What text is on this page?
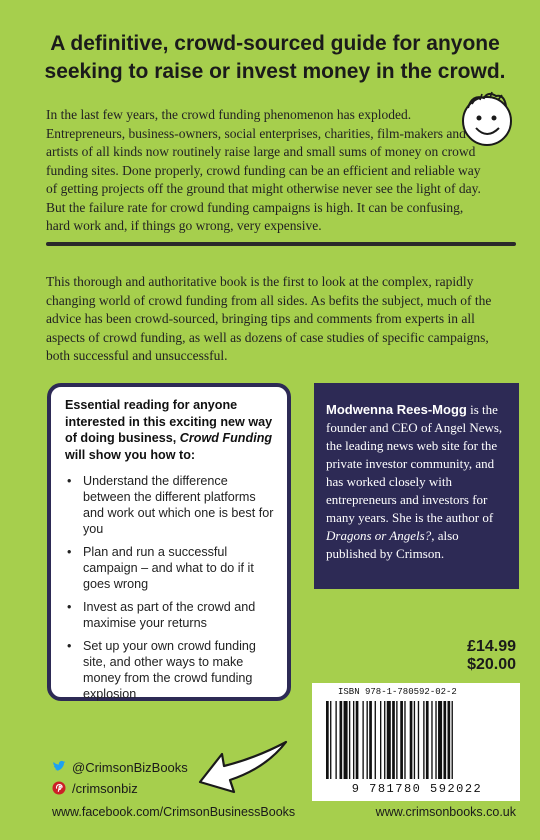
A definitive, crowd-sourced guide for anyone seeking to raise or invest money in the crowd.
In the last few years, the crowd funding phenomenon has exploded. Entrepreneurs, business-owners, social enterprises, charities, film-makers and artists of all kinds now routinely raise large and small sums of money on crowd funding sites. Done properly, crowd funding can be an efficient and reliable way of getting projects off the ground that might otherwise never see the light of day. But the failure rate for crowd funding campaigns is high. It can be confusing, hard work and, if things go wrong, very expensive.
This thorough and authoritative book is the first to look at the complex, rapidly changing world of crowd funding from all sides. As befits the subject, much of the advice has been crowd-sourced, bringing tips and comments from experts in all aspects of crowd funding, as well as dozens of case studies of specific campaigns, both successful and unsuccessful.

Essential reading for anyone interested in this exciting new way of doing business, Crowd Funding will show you how to:

• Understand the difference between the different platforms and work out which one is best for you
• Plan and run a successful campaign – and what to do if it goes wrong
• Invest as part of the crowd and maximise your returns
• Set up your own crowd funding site, and other ways to make money from the crowd funding explosion
Modwenna Rees-Mogg is the founder and CEO of Angel News, the leading news web site for the private investor community, and has worked closely with entrepreneurs and investors for many years. She is the author of Dragons or Angels?, also published by Crimson.
£14.99
$20.00
ISBN 978-1-780592-02-2
9 781780 592022
@CrimsonBizBooks
/crimsonbiz
www.facebook.com/CrimsonBusinessBooks	www.crimsonbooks.co.uk
